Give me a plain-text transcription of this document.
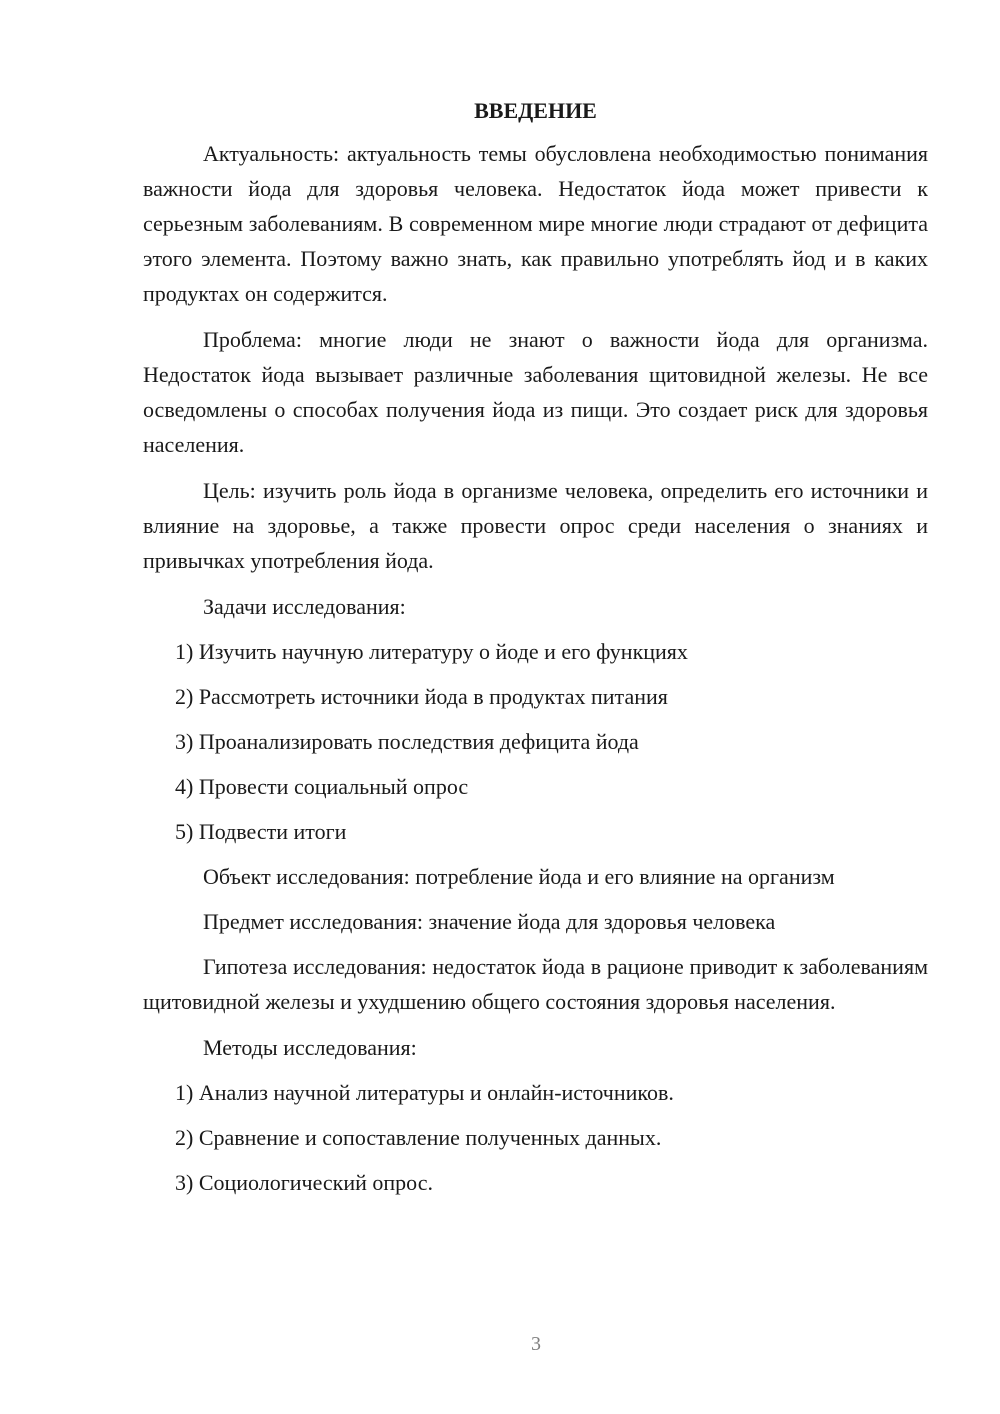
ВВЕДЕНИЕ

Актуальность: актуальность темы обусловлена необходимостью понимания важности йода для здоровья человека. Недостаток йода может привести к серьезным заболеваниям. В современном мире многие люди страдают от дефицита этого элемента. Поэтому важно знать, как правильно употреблять йод и в каких продуктах он содержится.

Проблема: многие люди не знают о важности йода для организма. Недостаток йода вызывает различные заболевания щитовидной железы. Не все осведомлены о способах получения йода из пищи. Это создает риск для здоровья населения.

Цель: изучить роль йода в организме человека, определить его источники и влияние на здоровье, а также провести опрос среди населения о знаниях и привычках употребления йода.

Задачи исследования:
1) Изучить научную литературу о йоде и его функциях
2) Рассмотреть источники йода в продуктах питания
3) Проанализировать последствия дефицита йода
4) Провести социальный опрос
5) Подвести итоги
Объект исследования: потребление йода и его влияние на организм
Предмет исследования: значение йода для здоровья человека

Гипотеза исследования: недостаток йода в рационе приводит к заболеваниям щитовидной железы и ухудшению общего состояния здоровья населения.

Методы исследования:
1) Анализ научной литературы и онлайн-источников.
2) Сравнение и сопоставление полученных данных.
3) Социологический опрос.
3
